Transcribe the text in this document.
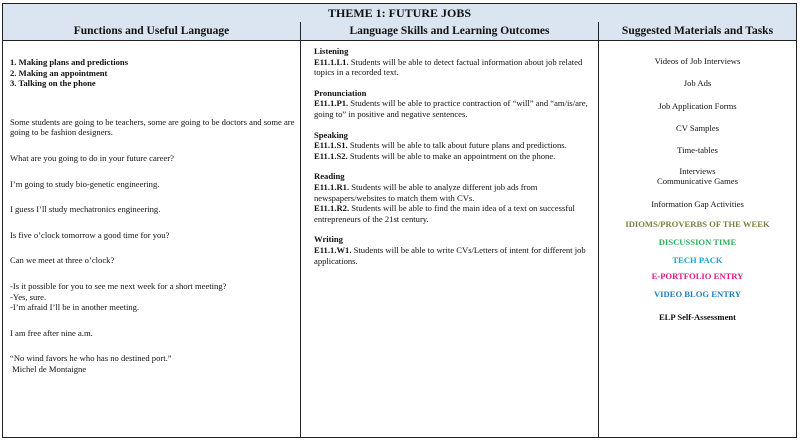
THEME 1: FUTURE JOBS
Functions and Useful Language	Language Skills and Learning Outcomes	Suggested Materials and Tasks

1. Making plans and predictions

2. Making an appointment

3. Talking on the phone

Some students are going to be teachers, some are going to be doctors and some are going to be fashion designers.

What are you going to do in your future career?

I’m going to study bio-genetic engineering.

I guess I’ll study mechatronics engineering.

Is five o’clock tomorrow a good time for you?

Can we meet at three o’clock?

-Is it possible for you to see me next week for a short meeting?

-Yes, sure.

-I’m afraid I’ll be in another meeting.

I am free after nine a.m.

“No wind favors he who has no destined port.”

Michel de Montaigne

Listening

E11.1.L1. Students will be able to detect factual information about job related topics in a recorded text.

Pronunciation

E11.1.P1. Students will be able to practice contraction of “will” and “am/is/are, going to” in positive and negative sentences.

Speaking

E11.1.S1. Students will be able to talk about future plans and predictions.

E11.1.S2. Students will be able to make an appointment on the phone.

Reading

E11.1.R1. Students will be able to analyze different job ads from newspapers/websites to match them with CVs.

E11.1.R2. Students will be able to find the main idea of a text on successful entrepreneurs of the 21st century.

Writing

E11.1.W1. Students will be able to write CVs/Letters of intent for different job applications.

Videos of Job Interviews
Job Ads
Job Application Forms
CV Samples
Time-tables
Interviews
Communicative Games
Information Gap Activities
IDIOMS/PROVERBS OF THE WEEK
DISCUSSION TIME
TECH PACK
E-PORTFOLIO ENTRY
VIDEO BLOG ENTRY
ELP Self-Assessment
